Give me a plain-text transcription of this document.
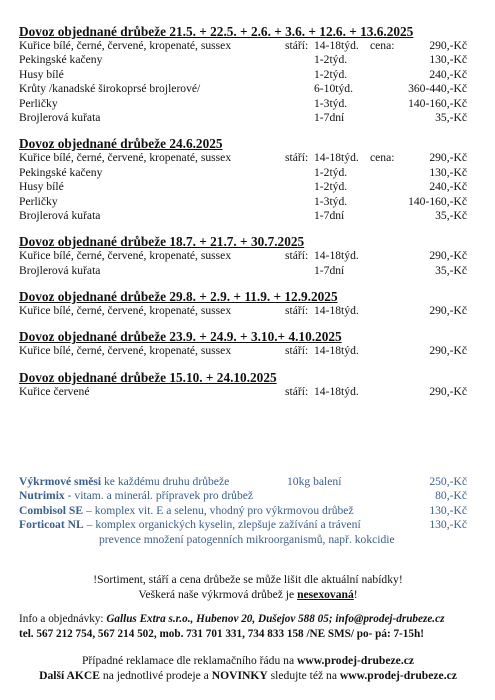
Dovoz objednané drůbeže 21.5. + 22.5. + 2.6. + 3.6. + 12.6. + 13.6.2025
Kuřice bílé, černé, červené, kropenaté, sussex	stáří: 14-18týd. cena:	290,-Kč
Pekingské kačeny	1-2týd.	130,-Kč
Husy bílé	1-2týd.	240,-Kč
Krůty /kanadské širokoprsé brojlerové/	6-10týd.	360-440,-Kč
Perličky	1-3týd.	140-160,-Kč
Brojlerová kuřata	1-7dní	35,-Kč
Dovoz objednané drůbeže 24.6.2025
Kuřice bílé, černé, červené, kropenaté, sussex	stáří: 14-18týd. cena:	290,-Kč
Pekingské kačeny	1-2týd.	130,-Kč
Husy bílé	1-2týd.	240,-Kč
Perličky	1-3týd.	140-160,-Kč
Brojlerová kuřata	1-7dní	35,-Kč
Dovoz objednané drůbeže 18.7. + 21.7. + 30.7.2025
Kuřice bílé, černé, červené, kropenaté, sussex	stáří: 14-18týd.	290,-Kč
Brojlerová kuřata	1-7dní	35,-Kč
Dovoz objednané drůbeže 29.8. + 2.9. + 11.9. + 12.9.2025
Kuřice bílé, černé, červené, kropenaté, sussex	stáří: 14-18týd.	290,-Kč
Dovoz objednané drůbeže 23.9. + 24.9. + 3.10.+ 4.10.2025
Kuřice bílé, černé, červené, kropenaté, sussex	stáří: 14-18týd.	290,-Kč
Dovoz objednané drůbeže 15.10. + 24.10.2025
Kuřice červené	stáří: 14-18týd.	290,-Kč
Výkrmové směsi ke každému druhu drůbeže	10kg balení	250,-Kč
Nutrimix - vitam. a minerál. přípravek pro drůbež	80,-Kč
Combisol SE – komplex vit. E a selenu, vhodný pro výkrmovou drůbež	130,-Kč
Forticoat NL – komplex organických kyselin, zlepšuje zažívání a trávení	130,-Kč
prevence množení patogenních mikroorganismů, např. kokcidie
!Sortiment, stáří a cena drůbeže se může lišit dle aktuální nabídky!
Veškerá naše výkrmová drůbež je nesexovaná!
Info a objednávky: Gallus Extra s.r.o., Hubenov 20, Dušejov 588 05; info@prodej-drubeze.cz
tel. 567 212 754, 567 214 502, mob. 731 701 331, 734 833 158 /NE SMS/ po- pá: 7-15h!
Případné reklamace dle reklamačního řádu na www.prodej-drubeze.cz
Další AKCE na jednotlivé prodeje a NOVINKY sledujte též na www.prodej-drubeze.cz
